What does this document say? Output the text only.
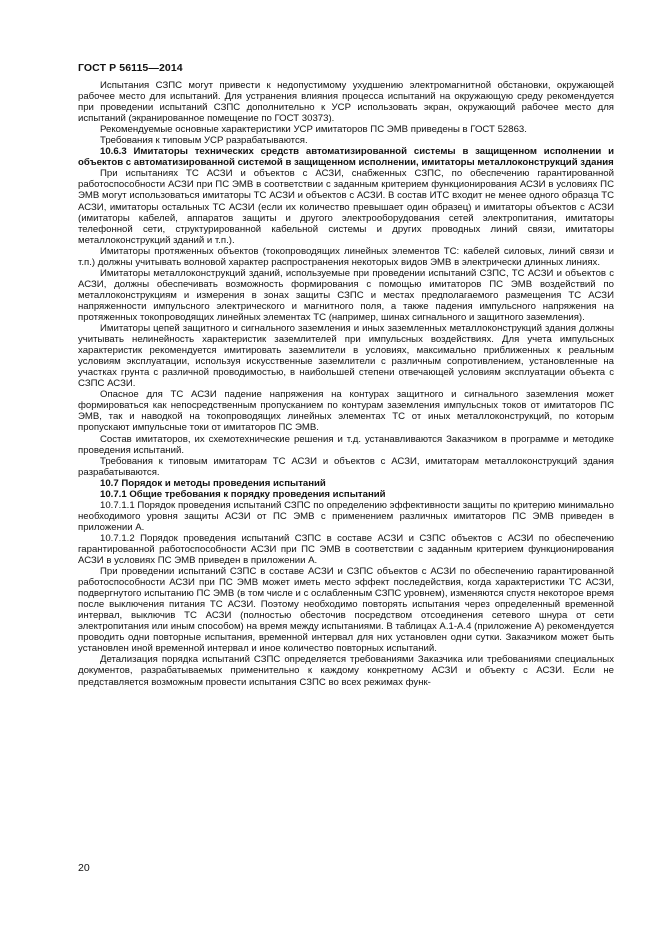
ГОСТ Р 56115—2014

Испытания СЗПС могут привести к недопустимому ухудшению электромагнитной обстановки, окружающей рабочее место для испытаний. Для устранения влияния процесса испытаний на окружающую среду рекомендуется при проведении испытаний СЗПС дополнительно к УСР использовать экран, окружающий рабочее место для испытаний (экранированное помещение по ГОСТ 30373).

Рекомендуемые основные характеристики УСР имитаторов ПС ЭМВ приведены в ГОСТ 52863.

Требования к типовым УСР разрабатываются.

10.6.3 Имитаторы технических средств автоматизированной системы в защищенном исполнении и объектов с автоматизированной системой в защищенном исполнении, имитаторы металлоконструкций здания

При испытаниях ТС АСЗИ и объектов с АСЗИ, снабженных СЗПС, по обеспечению гарантированной работоспособности АСЗИ при ПС ЭМВ в соответствии с заданным критерием функционирования АСЗИ в условиях ПС ЭМВ могут использоваться имитаторы ТС АСЗИ и объектов с АСЗИ. В состав ИТС входит не менее одного образца ТС АСЗИ, имитаторы остальных ТС АСЗИ (если их количество превышает один образец) и имитаторы объектов с АСЗИ (имитаторы кабелей, аппаратов защиты и другого электрооборудования сетей электропитания, имитаторы телефонной сети, структурированной кабельной системы и других проводных линий связи, имитаторы металлоконструкций зданий и т.п.).

Имитаторы протяженных объектов (токопроводящих линейных элементов ТС: кабелей силовых, линий связи и т.п.) должны учитывать волновой характер распространения некоторых видов ЭМВ в электрически длинных линиях.

Имитаторы металлоконструкций зданий, используемые при проведении испытаний СЗПС, ТС АСЗИ и объектов с АСЗИ, должны обеспечивать возможность формирования с помощью имитаторов ПС ЭМВ воздействий по металлоконструкциям и измерения в зонах защиты СЗПС и местах предполагаемого размещения ТС АСЗИ напряженности импульсного электрического и магнитного поля, а также падения импульсного напряжения на протяженных токопроводящих линейных элементах ТС (например, шинах сигнального и защитного заземления).

Имитаторы цепей защитного и сигнального заземления и иных заземленных металлоконструкций здания должны учитывать нелинейность характеристик заземлителей при импульсных воздействиях. Для учета импульсных характеристик рекомендуется имитировать заземлители в условиях, максимально приближенных к реальным условиям эксплуатации, используя искусственные заземлители с различным сопротивлением, установленные на участках грунта с различной проводимостью, в наибольшей степени отвечающей условиям эксплуатации объекта с СЗПС АСЗИ.

Опасное для ТС АСЗИ падение напряжения на контурах защитного и сигнального заземления может формироваться как непосредственным пропусканием по контурам заземления импульсных токов от имитаторов ПС ЭМВ, так и наводкой на токопроводящих линейных элементах ТС от иных металлоконструкций, по которым пропускают импульсные токи от имитаторов ПС ЭМВ.

Состав имитаторов, их схемотехнические решения и т.д. устанавливаются Заказчиком в программе и методике проведения испытаний.

Требования к типовым имитаторам ТС АСЗИ и объектов с АСЗИ, имитаторам металлоконструкций здания разрабатываются.

10.7 Порядок и методы проведения испытаний

10.7.1 Общие требования к порядку проведения испытаний

10.7.1.1 Порядок проведения испытаний СЗПС по определению эффективности защиты по критерию минимально необходимого уровня защиты АСЗИ от ПС ЭМВ с применением различных имитаторов ПС ЭМВ приведен в приложении А.

10.7.1.2 Порядок проведения испытаний СЗПС в составе АСЗИ и СЗПС объектов с АСЗИ по обеспечению гарантированной работоспособности АСЗИ при ПС ЭМВ в соответствии с заданным критерием функционирования АСЗИ в условиях ПС ЭМВ приведен в приложении А.

При проведении испытаний СЗПС в составе АСЗИ и СЗПС объектов с АСЗИ по обеспечению гарантированной работоспособности АСЗИ при ПС ЭМВ может иметь место эффект последействия, когда характеристики ТС АСЗИ, подвергнутого испытанию ПС ЭМВ (в том числе и с ослабленным СЗПС уровнем), изменяются спустя некоторое время после выключения питания ТС АСЗИ. Поэтому необходимо повторять испытания через определенный временной интервал, выключив ТС АСЗИ (полностью обесточив посредством отсоединения сетевого шнура от сети электропитания или иным способом) на время между испытаниями. В таблицах А.1-А.4 (приложение А) рекомендуется проводить одни повторные испытания, временной интервал для них установлен одни сутки. Заказчиком может быть установлен иной временной интервал и иное количество повторных испытаний.

Детализация порядка испытаний СЗПС определяется требованиями Заказчика или требованиями специальных документов, разрабатываемых применительно к каждому конкретному АСЗИ и объекту с АСЗИ. Если не представляется возможным провести испытания СЗПС во всех режимах функ-

20
